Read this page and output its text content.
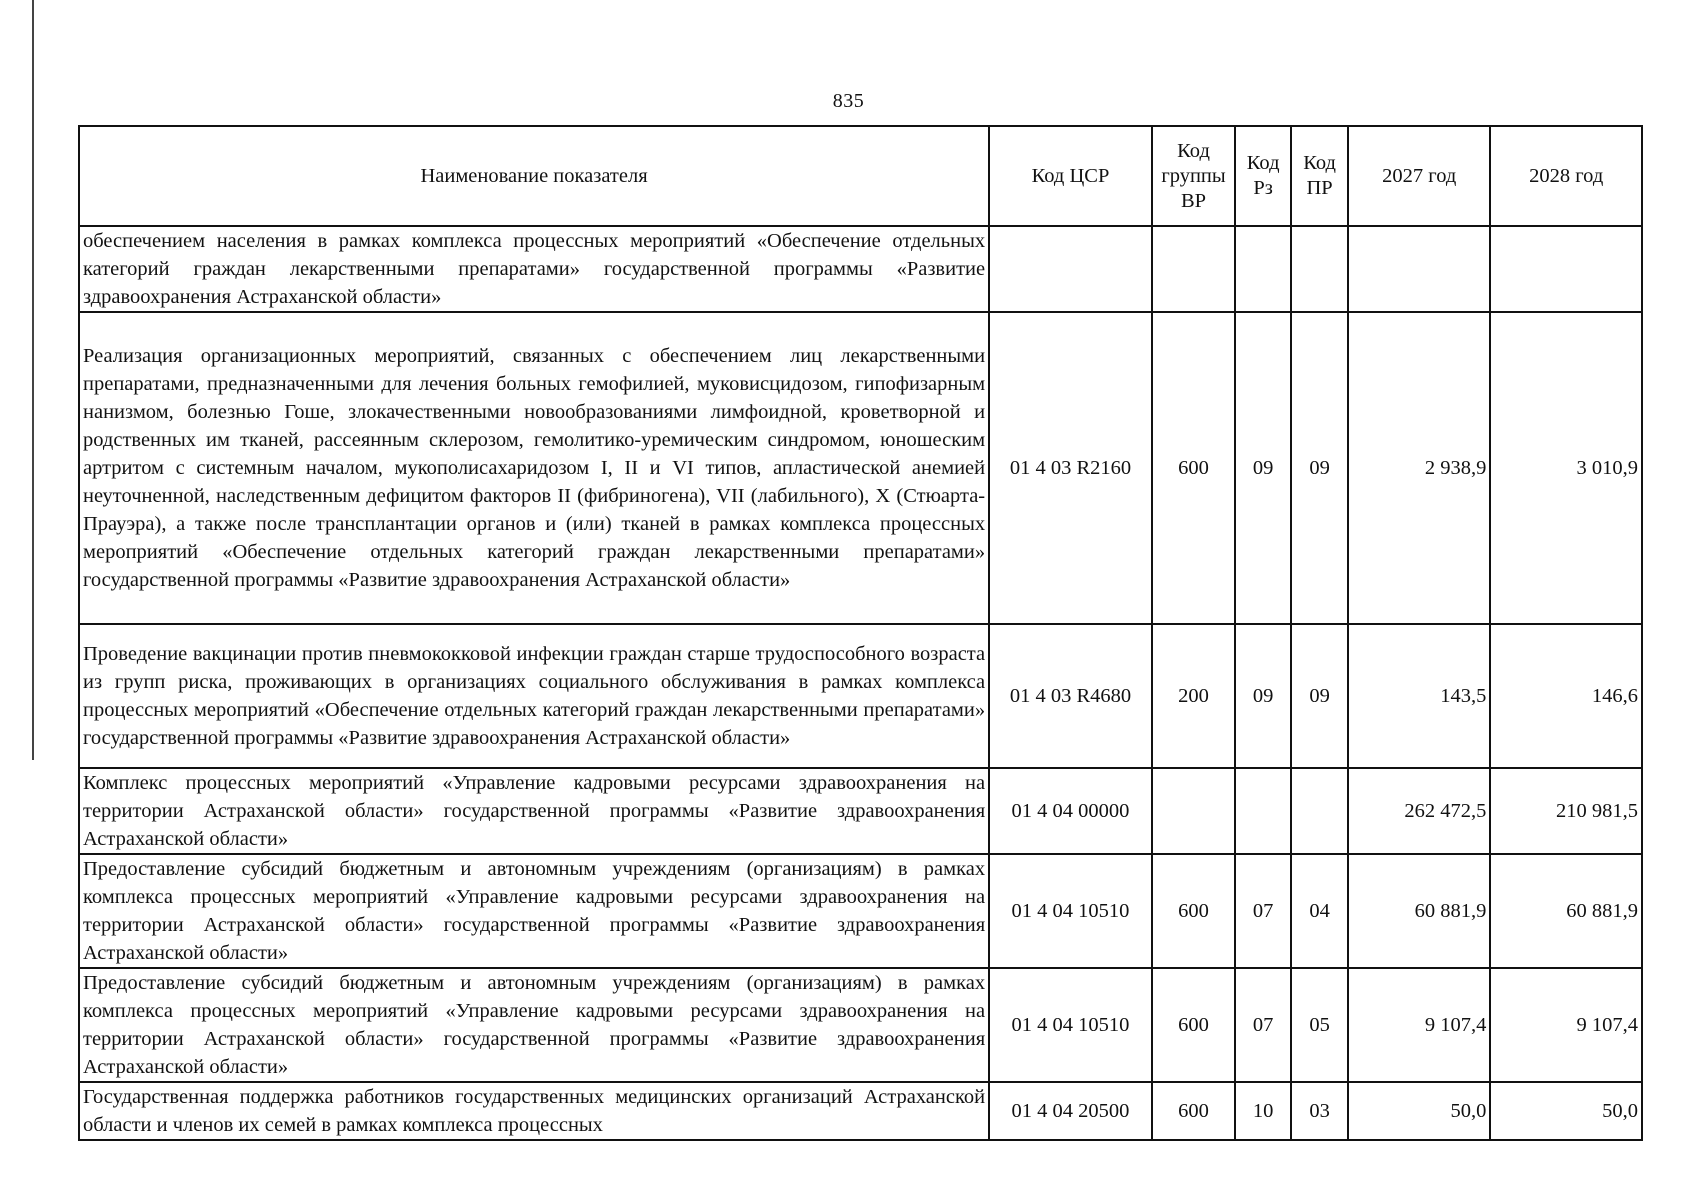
835
Наименование показателя	Код ЦСР	Код группы ВР	Код Рз	Код ПР	2027 год	2028 год
обеспечением населения в рамках комплекса процессных мероприятий «Обеспечение отдельных категорий граждан лекарственными препаратами» государственной программы «Развитие здравоохранения Астраханской области»						
Реализация организационных мероприятий, связанных с обеспечением лиц лекарственными препаратами, предназначенными для лечения больных гемофилией, муковисцидозом, гипофизарным нанизмом, болезнью Гоше, злокачественными новообразованиями лимфоидной, кроветворной и родственных им тканей, рассеянным склерозом, гемолитико-уремическим синдромом, юношеским артритом с системным началом, мукополисахаридозом I, II и VI типов, апластической анемией неуточненной, наследственным дефицитом факторов II (фибриногена), VII (лабильного), X (Стюарта-Прауэра), а также после трансплантации органов и (или) тканей в рамках комплекса процессных мероприятий «Обеспечение отдельных категорий граждан лекарственными препаратами» государственной программы «Развитие здравоохранения Астраханской области»	01 4 03 R2160	600	09	09	2 938,9	3 010,9
Проведение вакцинации против пневмококковой инфекции граждан старше трудоспособного возраста из групп риска, проживающих в организациях социального обслуживания в рамках комплекса процессных мероприятий «Обеспечение отдельных категорий граждан лекарственными препаратами» государственной программы «Развитие здравоохранения Астраханской области»	01 4 03 R4680	200	09	09	143,5	146,6
Комплекс процессных мероприятий «Управление кадровыми ресурсами здравоохранения на территории Астраханской области» государственной программы «Развитие здравоохранения Астраханской области»	01 4 04 00000				262 472,5	210 981,5
Предоставление субсидий бюджетным и автономным учреждениям (организациям) в рамках комплекса процессных мероприятий «Управление кадровыми ресурсами здравоохранения на территории Астраханской области» государственной программы «Развитие здравоохранения Астраханской области»	01 4 04 10510	600	07	04	60 881,9	60 881,9
Предоставление субсидий бюджетным и автономным учреждениям (организациям) в рамках комплекса процессных мероприятий «Управление кадровыми ресурсами здравоохранения на территории Астраханской области» государственной программы «Развитие здравоохранения Астраханской области»	01 4 04 10510	600	07	05	9 107,4	9 107,4
Государственная поддержка работников государственных медицинских организаций Астраханской области и членов их семей в рамках комплекса процессных	01 4 04 20500	600	10	03	50,0	50,0
